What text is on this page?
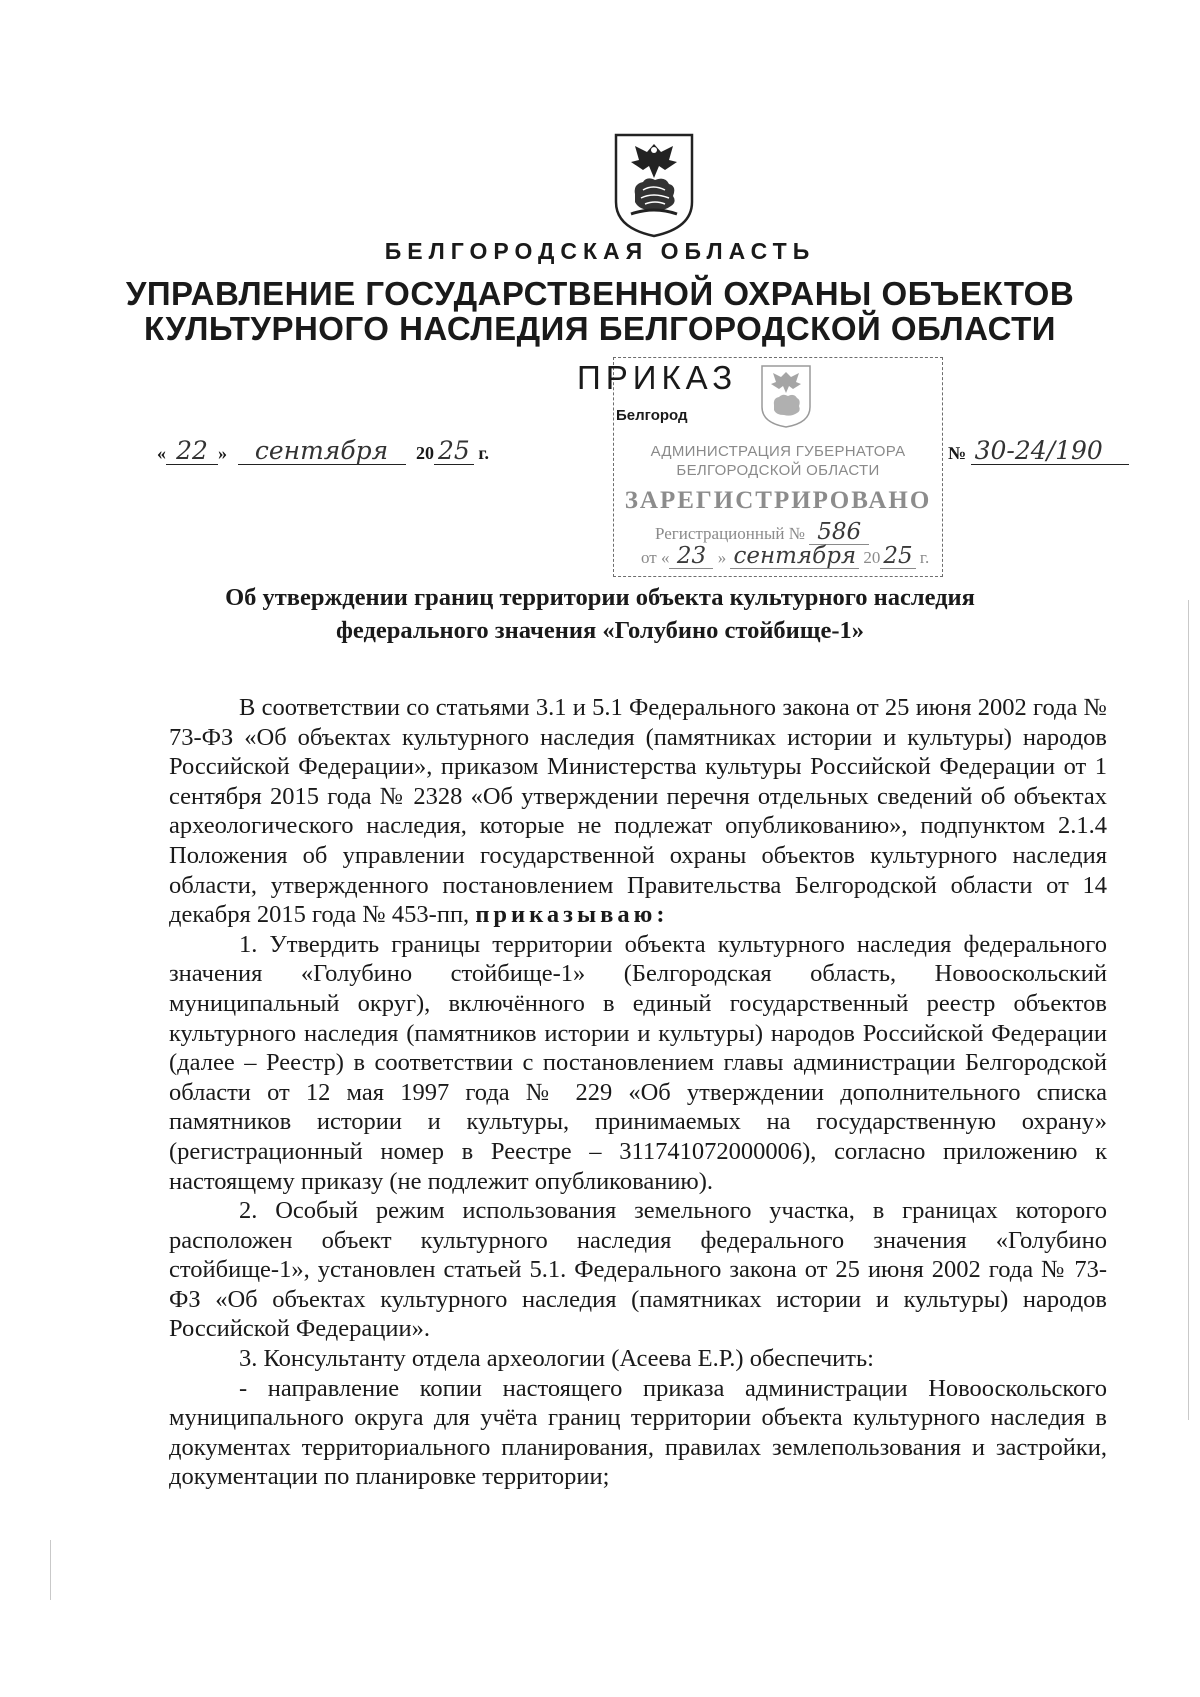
БЕЛГОРОДСКАЯ ОБЛАСТЬ
УПРАВЛЕНИЕ ГОСУДАРСТВЕННОЙ ОХРАНЫ ОБЪЕКТОВ
КУЛЬТУРНОГО НАСЛЕДИЯ БЕЛГОРОДСКОЙ ОБЛАСТИ
ПРИКАЗ
Белгород
АДМИНИСТРАЦИЯ ГУБЕРНАТОРА
БЕЛГОРОДСКОЙ ОБЛАСТИ
ЗАРЕГИСТРИРОВАНО
Регистрационный № 586
от « 23 » сентября 20 25 г.
« 22 » сентября 20 25 г.	№ 30-24/190
Об утверждении границ территории объекта культурного наследия
федерального значения «Голубино стойбище-1»

В соответствии со статьями 3.1 и 5.1 Федерального закона от 25 июня 2002 года № 73-ФЗ «Об объектах культурного наследия (памятниках истории и культуры) народов Российской Федерации», приказом Министерства культуры Российской Федерации от 1 сентября 2015 года № 2328 «Об утверждении перечня отдельных сведений об объектах археологического наследия, которые не подлежат опубликованию», подпунктом 2.1.4 Положения об управлении государственной охраны объектов культурного наследия области, утвержденного постановлением Правительства Белгородской области от 14 декабря 2015 года № 453-пп, приказываю:

1. Утвердить границы территории объекта культурного наследия федерального значения «Голубино стойбище-1» (Белгородская область, Новооскольский муниципальный округ), включённого в единый государственный реестр объектов культурного наследия (памятников истории и культуры) народов Российской Федерации (далее – Реестр) в соответствии с постановлением главы администрации Белгородской области от 12 мая 1997 года № 229 «Об утверждении дополнительного списка памятников истории и культуры, принимаемых на государственную охрану» (регистрационный номер в Реестре – 311741072000006), согласно приложению к настоящему приказу (не подлежит опубликованию).

2. Особый режим использования земельного участка, в границах которого расположен объект культурного наследия федерального значения «Голубино стойбище-1», установлен статьей 5.1. Федерального закона от 25 июня 2002 года № 73-ФЗ «Об объектах культурного наследия (памятниках истории и культуры) народов Российской Федерации».

3. Консультанту отдела археологии (Асеева Е.Р.) обеспечить:

- направление копии настоящего приказа администрации Новооскольского муниципального округа для учёта границ территории объекта культурного наследия в документах территориального планирования, правилах землепользования и застройки, документации по планировке территории;
